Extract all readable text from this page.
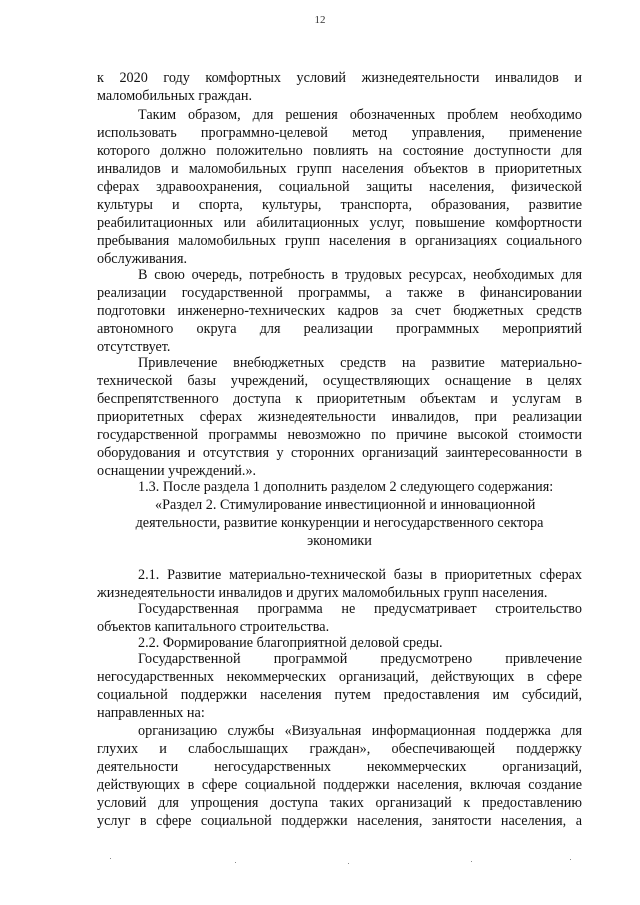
12
к 2020 году комфортных условий жизнедеятельности инвалидов и
маломобильных граждан.
Таким образом, для решения обозначенных проблем необходимо
использовать программно-целевой метод управления, применение
которого должно положительно повлиять на состояние доступности для
инвалидов и маломобильных групп населения объектов в приоритетных
сферах здравоохранения, социальной защиты населения, физической
культуры и спорта, культуры, транспорта, образования, развитие
реабилитационных или абилитационных услуг, повышение комфортности
пребывания маломобильных групп населения в организациях социального
обслуживания.
В свою очередь, потребность в трудовых ресурсах, необходимых для
реализации государственной программы, а также в финансировании
подготовки инженерно-технических кадров за счет бюджетных средств
автономного округа для реализации программных мероприятий
отсутствует.
Привлечение внебюджетных средств на развитие материально-
технической базы учреждений, осуществляющих оснащение в целях
беспрепятственного доступа к приоритетным объектам и услугам в
приоритетных сферах жизнедеятельности инвалидов, при реализации
государственной программы невозможно по причине высокой стоимости
оборудования и отсутствия у сторонних организаций заинтересованности в
оснащении учреждений.».
1.3. После раздела 1 дополнить разделом 2 следующего содержания:
«Раздел 2. Стимулирование инвестиционной и инновационной
деятельности, развитие конкуренции и негосударственного сектора
экономики
2.1. Развитие материально-технической базы в приоритетных сферах
жизнедеятельности инвалидов и других маломобильных групп населения.
Государственная программа не предусматривает строительство
объектов капитального строительства.
2.2. Формирование благоприятной деловой среды.
Государственной программой предусмотрено привлечение
негосударственных некоммерческих организаций, действующих в сфере
социальной поддержки населения путем предоставления им субсидий,
направленных на:
организацию службы «Визуальная информационная поддержка для
глухих и слабослышащих граждан», обеспечивающей поддержку
деятельности негосударственных некоммерческих организаций,
действующих в сфере социальной поддержки населения, включая создание
условий для упрощения доступа таких организаций к предоставлению
услуг в сфере социальной поддержки населения, занятости населения, а
